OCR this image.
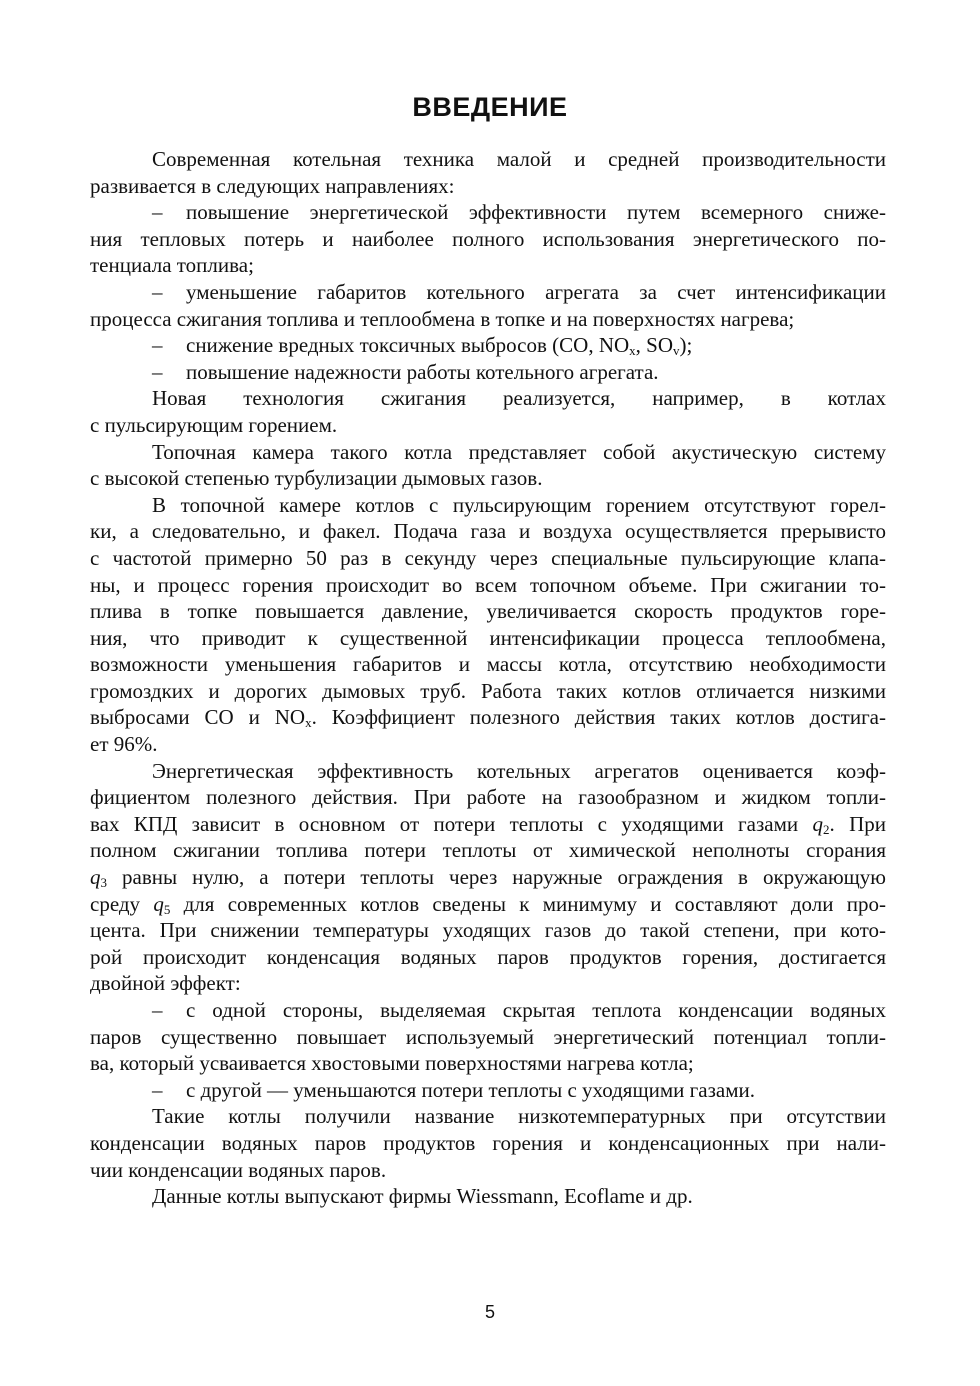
ВВЕДЕНИЕ
Современная котельная техника малой и средней производительности
развивается в следующих направлениях:
– повышение энергетической эффективности путем всемерного сниже-
ния тепловых потерь и наиболее полного использования энергетического по-
тенциала топлива;
– уменьшение габаритов котельного агрегата за счет интенсификации
процесса сжигания топлива и теплообмена в топке и на поверхностях нагрева;
– снижение вредных токсичных выбросов (CO, $NO_x$, $SO_v$);
– повышение надежности работы котельного агрегата.
Новая технология сжигания реализуется, например, в котлах
с пульсирующим горением.
Топочная камера такого котла представляет собой акустическую систему
с высокой степенью турбулизации дымовых газов.
В топочной камере котлов с пульсирующим горением отсутствуют горел-
ки, а следовательно, и факел. Подача газа и воздуха осуществляется прерывисто
с частотой примерно 50 раз в секунду через специальные пульсирующие клапа-
ны, и процесс горения происходит во всем топочном объеме. При сжигании то-
плива в топке повышается давление, увеличивается скорость продуктов горе-
ния, что приводит к существенной интенсификации процесса теплообмена,
возможности уменьшения габаритов и массы котла, отсутствию необходимости
громоздких и дорогих дымовых труб. Работа таких котлов отличается низкими
выбросами CO и $NO_x$. Коэффициент полезного действия таких котлов достига-
ет 96%.
Энергетическая эффективность котельных агрегатов оценивается коэф-
фициентом полезного действия. При работе на газообразном и жидком топли-
вах КПД зависит в основном от потери теплоты с уходящими газами $q_2$. При
полном сжигании топлива потери теплоты от химической неполноты сгорания
$q_3$ равны нулю, а потери теплоты через наружные ограждения в окружающую
среду $q_5$ для современных котлов сведены к минимуму и составляют доли про-
цента. При снижении температуры уходящих газов до такой степени, при кото-
рой происходит конденсация водяных паров продуктов горения, достигается
двойной эффект:
– с одной стороны, выделяемая скрытая теплота конденсации водяных
паров существенно повышает используемый энергетический потенциал топли-
ва, который усваивается хвостовыми поверхностями нагрева котла;
– с другой — уменьшаются потери теплоты с уходящими газами.
Такие котлы получили название низкотемпературных при отсутствии
конденсации водяных паров продуктов горения и конденсационных при нали-
чии конденсации водяных паров.
Данные котлы выпускают фирмы Wiessmann, Ecoflame и др.
5
